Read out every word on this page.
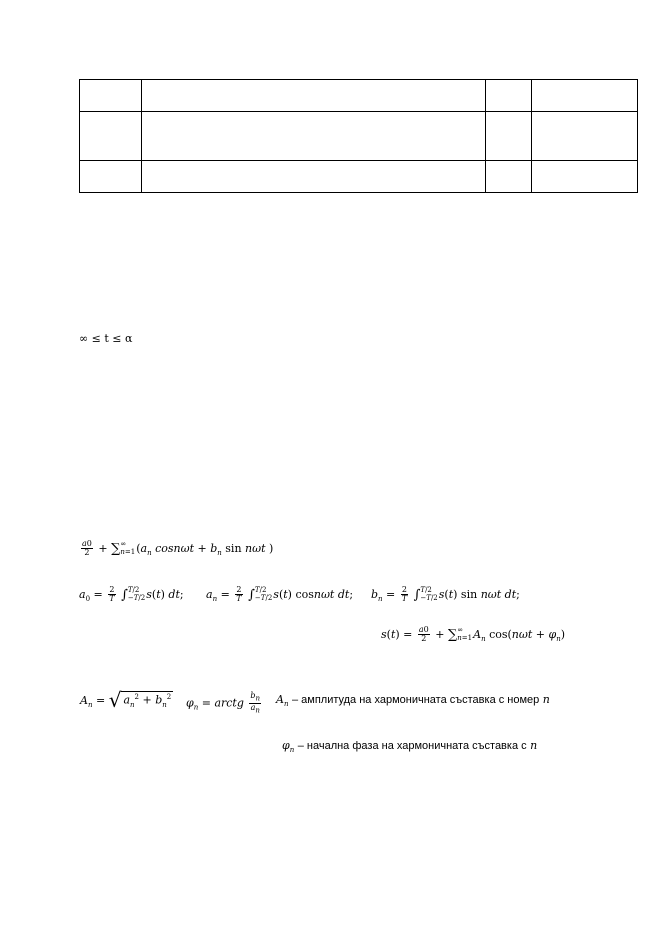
∞ ≤ t ≤ α
$\frac{a0}{2}$ + ∑ ∞
n=1 ($a_n$ $\cos n\omega t + b_n$ sin nωt )
$a_0 = \frac{2}{T}$ ∫ T/2
−T/2 s(t) dt; $a_n = \frac{2}{T}$ ∫ T/2
−T/2 s(t) cosnωt dt; $b_n = \frac{2}{T}$ ∫ T/2
−T/2 s(t) sin nωt dt;
$s(t) = \frac{a0}{2}$ + ∑ ∞
n=1 $A_n$ $\cos(n\omega t + \varphi_n)$
$A_n$ = √ $a_n^2 + b_n^2$ $\varphi_n$ = arctg $\frac{b_n}{a_n} A_n$ – амплитуда на хармоничната съставка с номер n
$\varphi_n$ – начална фаза на хармоничната съставка с n
